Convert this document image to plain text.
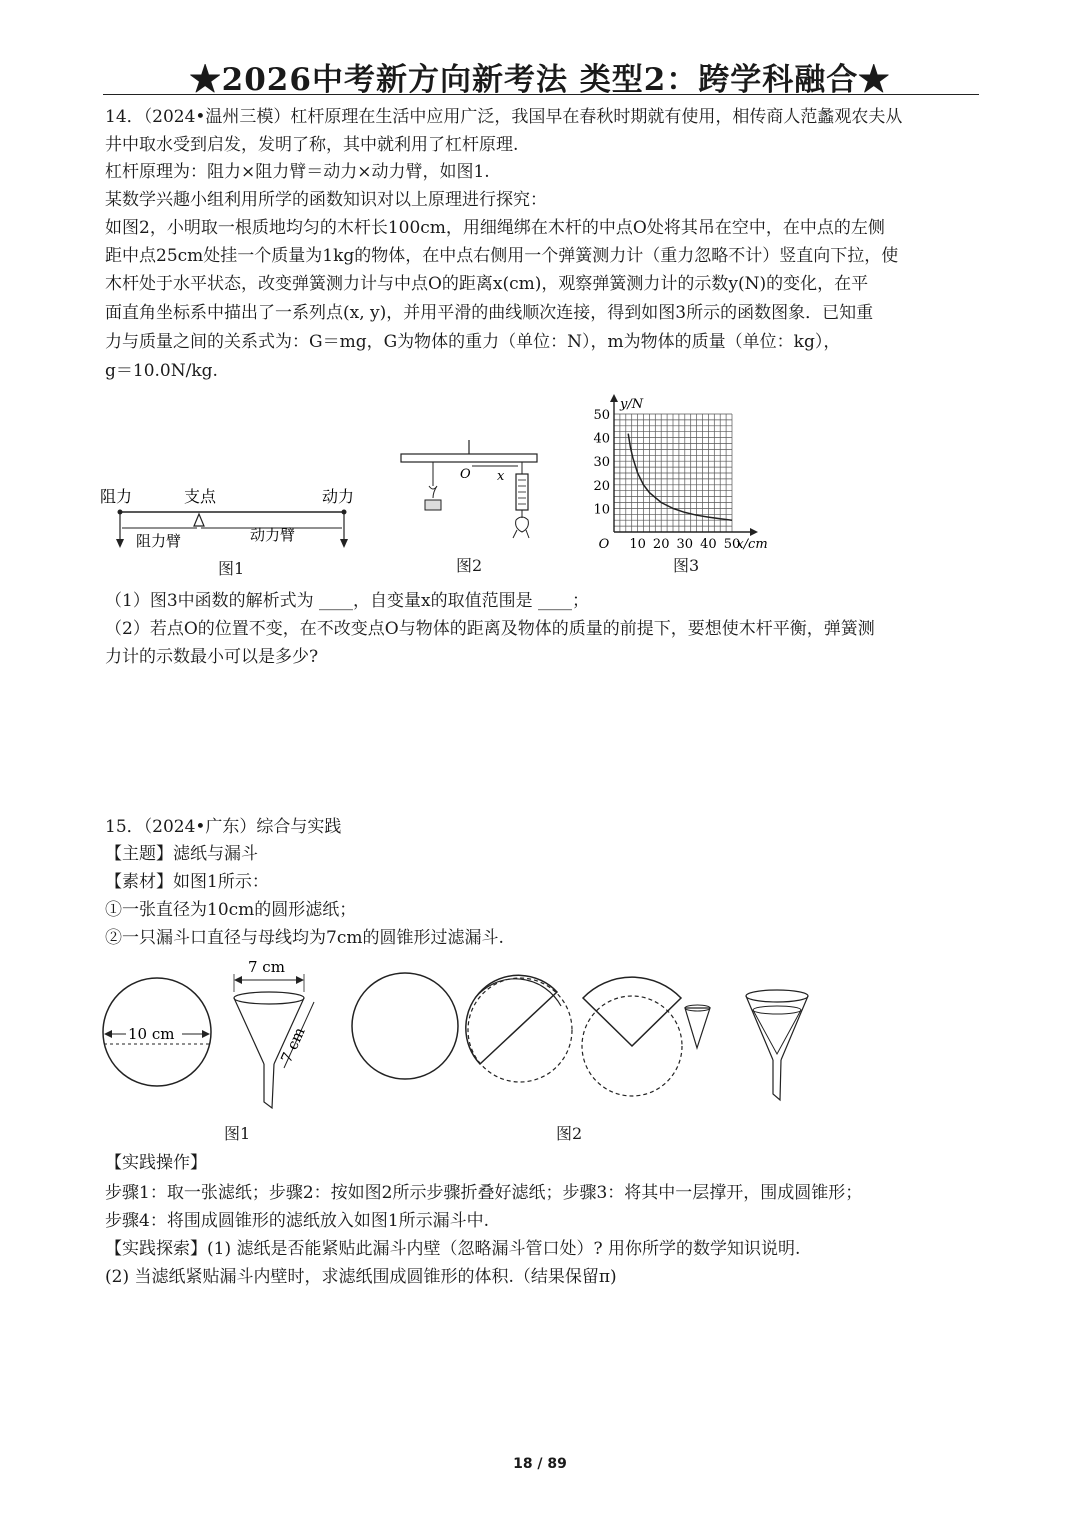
★2026中考新方向新考法 类型2：跨学科融合★
14．（2024•温州三模）杠杆原理在生活中应用广泛，我国早在春秋时期就有使用，相传商人范蠡观农夫从
井中取水受到启发，发明了称，其中就利用了杠杆原理.
杠杆原理为：阻力×阻力臂＝动力×动力臂，如图1.
某数学兴趣小组利用所学的函数知识对以上原理进行探究：
如图2，小明取一根质地均匀的木杆长100cm，用细绳绑在木杆的中点O处将其吊在空中，在中点的左侧
距中点25cm处挂一个质量为1kg的物体，在中点右侧用一个弹簧测力计（重力忽略不计）竖直向下拉，使
木杆处于水平状态，改变弹簧测力计与中点O的距离x(cm)，观察弹簧测力计的示数y(N)的变化，在平
面直角坐标系中描出了一系列点(x, y)，并用平滑的曲线顺次连接，得到如图3所示的函数图象．已知重
力与质量之间的关系式为：G＝mg，G为物体的重力（单位：N），m为物体的质量（单位：kg），
g＝10.0N/kg.
阻力	支点	动力
阻力臂	动力臂
图1
O x
图2
10 20 30 40 50
10
20
30
40
50
O
y/N
x/cm
图3
（1）图3中函数的解析式为 ____，自变量x的取值范围是 ____；
（2）若点O的位置不变，在不改变点O与物体的距离及物体的质量的前提下，要想使木杆平衡，弹簧测
力计的示数最小可以是多少?
15．（2024•广东）综合与实践
【主题】滤纸与漏斗
【素材】如图1所示：
①一张直径为10cm的圆形滤纸；
②一只漏斗口直径与母线均为7cm的圆锥形过滤漏斗.
10 cm
7 cm
7 cm
图1	图2
【实践操作】
步骤1：取一张滤纸；步骤2：按如图2所示步骤折叠好滤纸；步骤3：将其中一层撑开，围成圆锥形；
步骤4：将围成圆锥形的滤纸放入如图1所示漏斗中.
【实践探索】(1) 滤纸是否能紧贴此漏斗内壁（忽略漏斗管口处）? 用你所学的数学知识说明.
(2) 当滤纸紧贴漏斗内壁时，求滤纸围成圆锥形的体积.（结果保留π)
18 / 89
